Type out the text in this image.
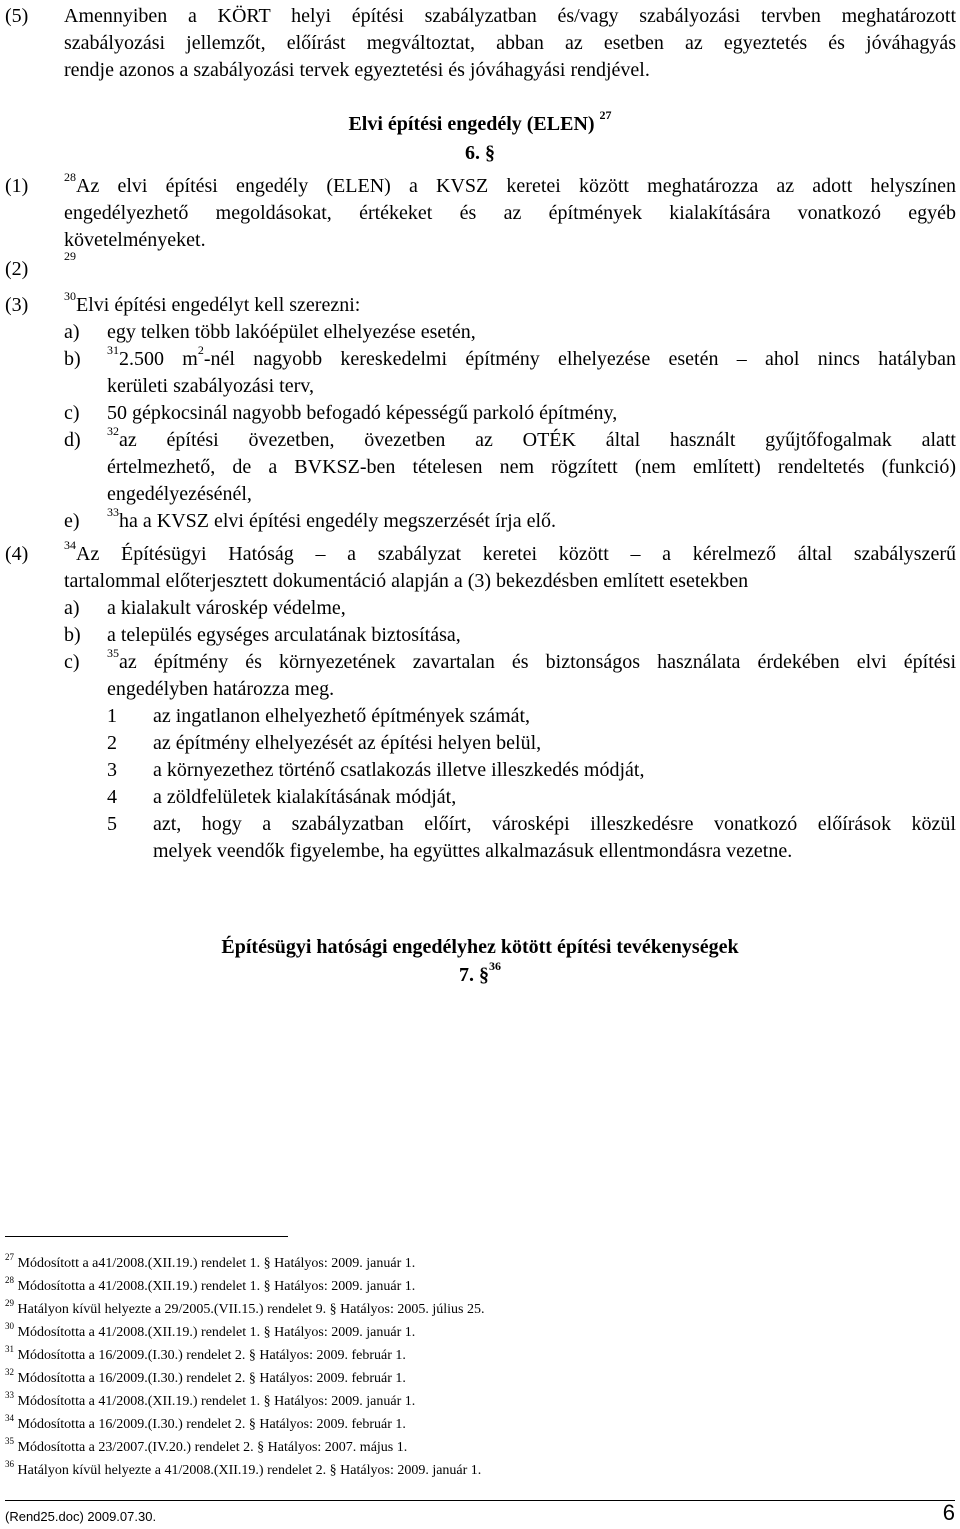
(5) Amennyiben a KÖRT helyi építési szabályzatban és/vagy szabályozási tervben meghatározott
szabályozási jellemzőt, előírást megváltoztat, abban az esetben az egyeztetés és jóváhagyás
rendje azonos a szabályozási tervek egyeztetési és jóváhagyási rendjével.
Elvi építési engedély (ELEN) $^{27}$
6. §
(1)	$^{28}$Az elvi építési engedély (ELEN) a KVSZ keretei között meghatározza az adott helyszínen
engedélyezhető megoldásokat, értékeket és az építmények kialakítására vonatkozó egyéb
követelményeket.
(2)
$^{29}$
(3)	$^{30}$Elvi építési engedélyt kell szerezni:
a) egy telken több lakóépület elhelyezése esetén,
b) $^{31}$2.500 $m^2$-nél nagyobb kereskedelmi építmény elhelyezése esetén – ahol nincs hatályban
kerületi szabályozási terv,
c) 50 gépkocsinál nagyobb befogadó képességű parkoló építmény,
d) $^{32}$az építési övezetben, övezetben az OTÉK által használt gyűjtőfogalmak alatt
értelmezhető, de a BVKSZ-ben tételesen nem rögzített (nem említett) rendeltetés (funkció)
engedélyezésénél,
e) $^{33}$ha a KVSZ elvi építési engedély megszerzését írja elő.
(4)	$^{34}$Az Építésügyi Hatóság – a szabályzat keretei között – a kérelmező által szabályszerű
tartalommal előterjesztett dokumentáció alapján a (3) bekezdésben említett esetekben
a) a kialakult városkép védelme,
b) a település egységes arculatának biztosítása,
c) $^{35}$az építmény és környezetének zavartalan és biztonságos használata érdekében elvi építési
engedélyben határozza meg.
1 az ingatlanon elhelyezhető építmények számát,
2 az építmény elhelyezését az építési helyen belül,
3 a környezethez történő csatlakozás illetve illeszkedés módját,
4 a zöldfelületek kialakításának módját,
5 azt, hogy a szabályzatban előírt, városképi illeszkedésre vonatkozó előírások közül
melyek veendők figyelembe, ha együttes alkalmazásuk ellentmondásra vezetne.
Építésügyi hatósági engedélyhez kötött építési tevékenységek
7. §$^{36}$
$^{27}$ Módosított a a41/2008.(XII.19.) rendelet 1. § Hatályos: 2009. január 1.
$^{28}$ Módosította a 41/2008.(XII.19.) rendelet 1. § Hatályos: 2009. január 1.
$^{29}$ Hatályon kívül helyezte a 29/2005.(VII.15.) rendelet 9. § Hatályos: 2005. július 25.
$^{30}$ Módosította a 41/2008.(XII.19.) rendelet 1. § Hatályos: 2009. január 1.
$^{31}$ Módosította a 16/2009.(I.30.) rendelet 2. § Hatályos: 2009. február 1.
$^{32}$ Módosította a 16/2009.(I.30.) rendelet 2. § Hatályos: 2009. február 1.
$^{33}$ Módosította a 41/2008.(XII.19.) rendelet 1. § Hatályos: 2009. január 1.
$^{34}$ Módosította a 16/2009.(I.30.) rendelet 2. § Hatályos: 2009. február 1.
$^{35}$ Módosította a 23/2007.(IV.20.) rendelet 2. § Hatályos: 2007. május 1.
$^{36}$ Hatályon kívül helyezte a 41/2008.(XII.19.) rendelet 2. § Hatályos: 2009. január 1.
(Rend25.doc) 2009.07.30.	6
